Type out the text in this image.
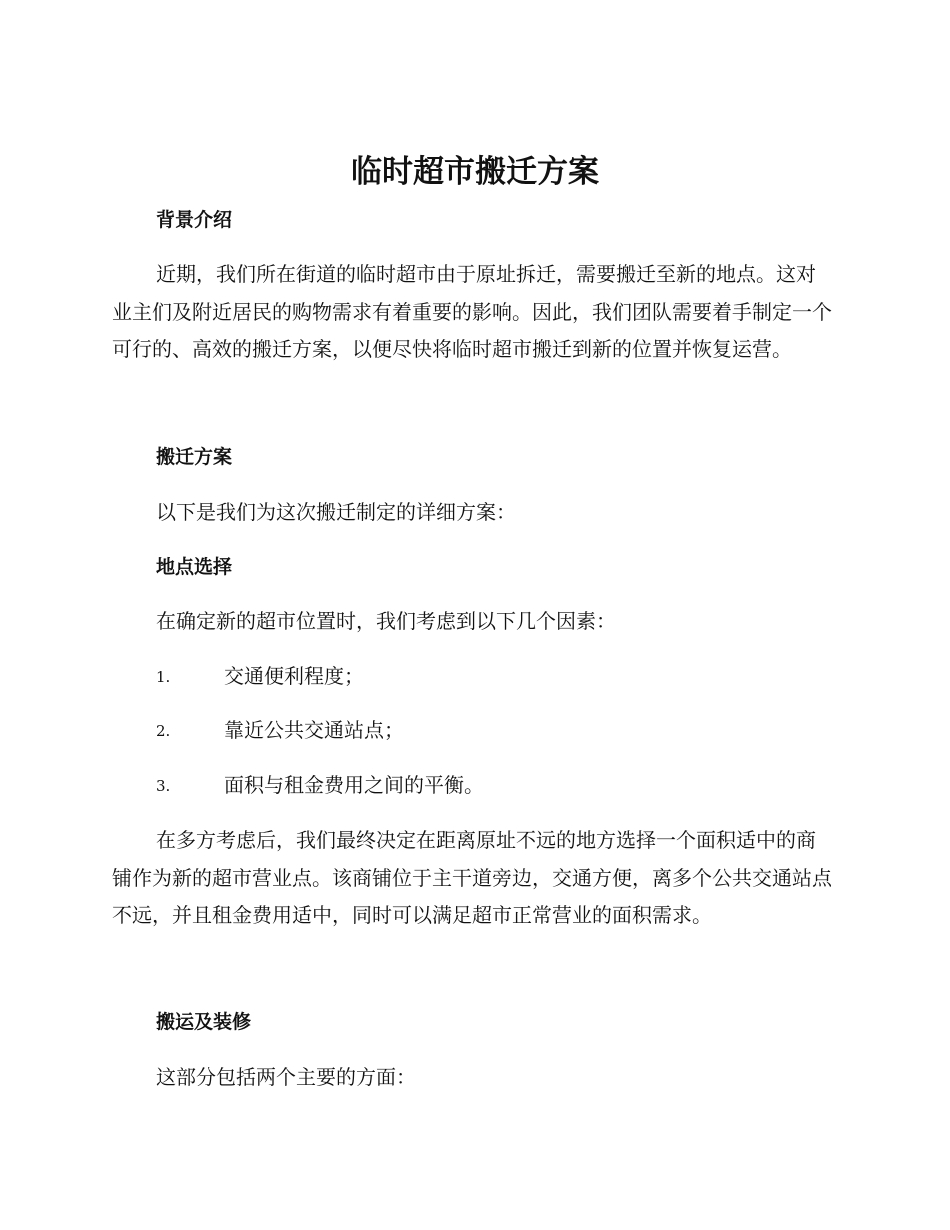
临时超市搬迁方案
背景介绍

近期，我们所在街道的临时超市由于原址拆迁，需要搬迁至新的地点。这对业主们及附近居民的购物需求有着重要的影响。因此，我们团队需要着手制定一个可行的、高效的搬迁方案，以便尽快将临时超市搬迁到新的位置并恢复运营。

搬迁方案
以下是我们为这次搬迁制定的详细方案：
地点选择
在确定新的超市位置时，我们考虑到以下几个因素：
1.	交通便利程度；
2.	靠近公共交通站点；
3.	面积与租金费用之间的平衡。

在多方考虑后，我们最终决定在距离原址不远的地方选择一个面积适中的商铺作为新的超市营业点。该商铺位于主干道旁边，交通方便，离多个公共交通站点不远，并且租金费用适中，同时可以满足超市正常营业的面积需求。

搬运及装修
这部分包括两个主要的方面：
